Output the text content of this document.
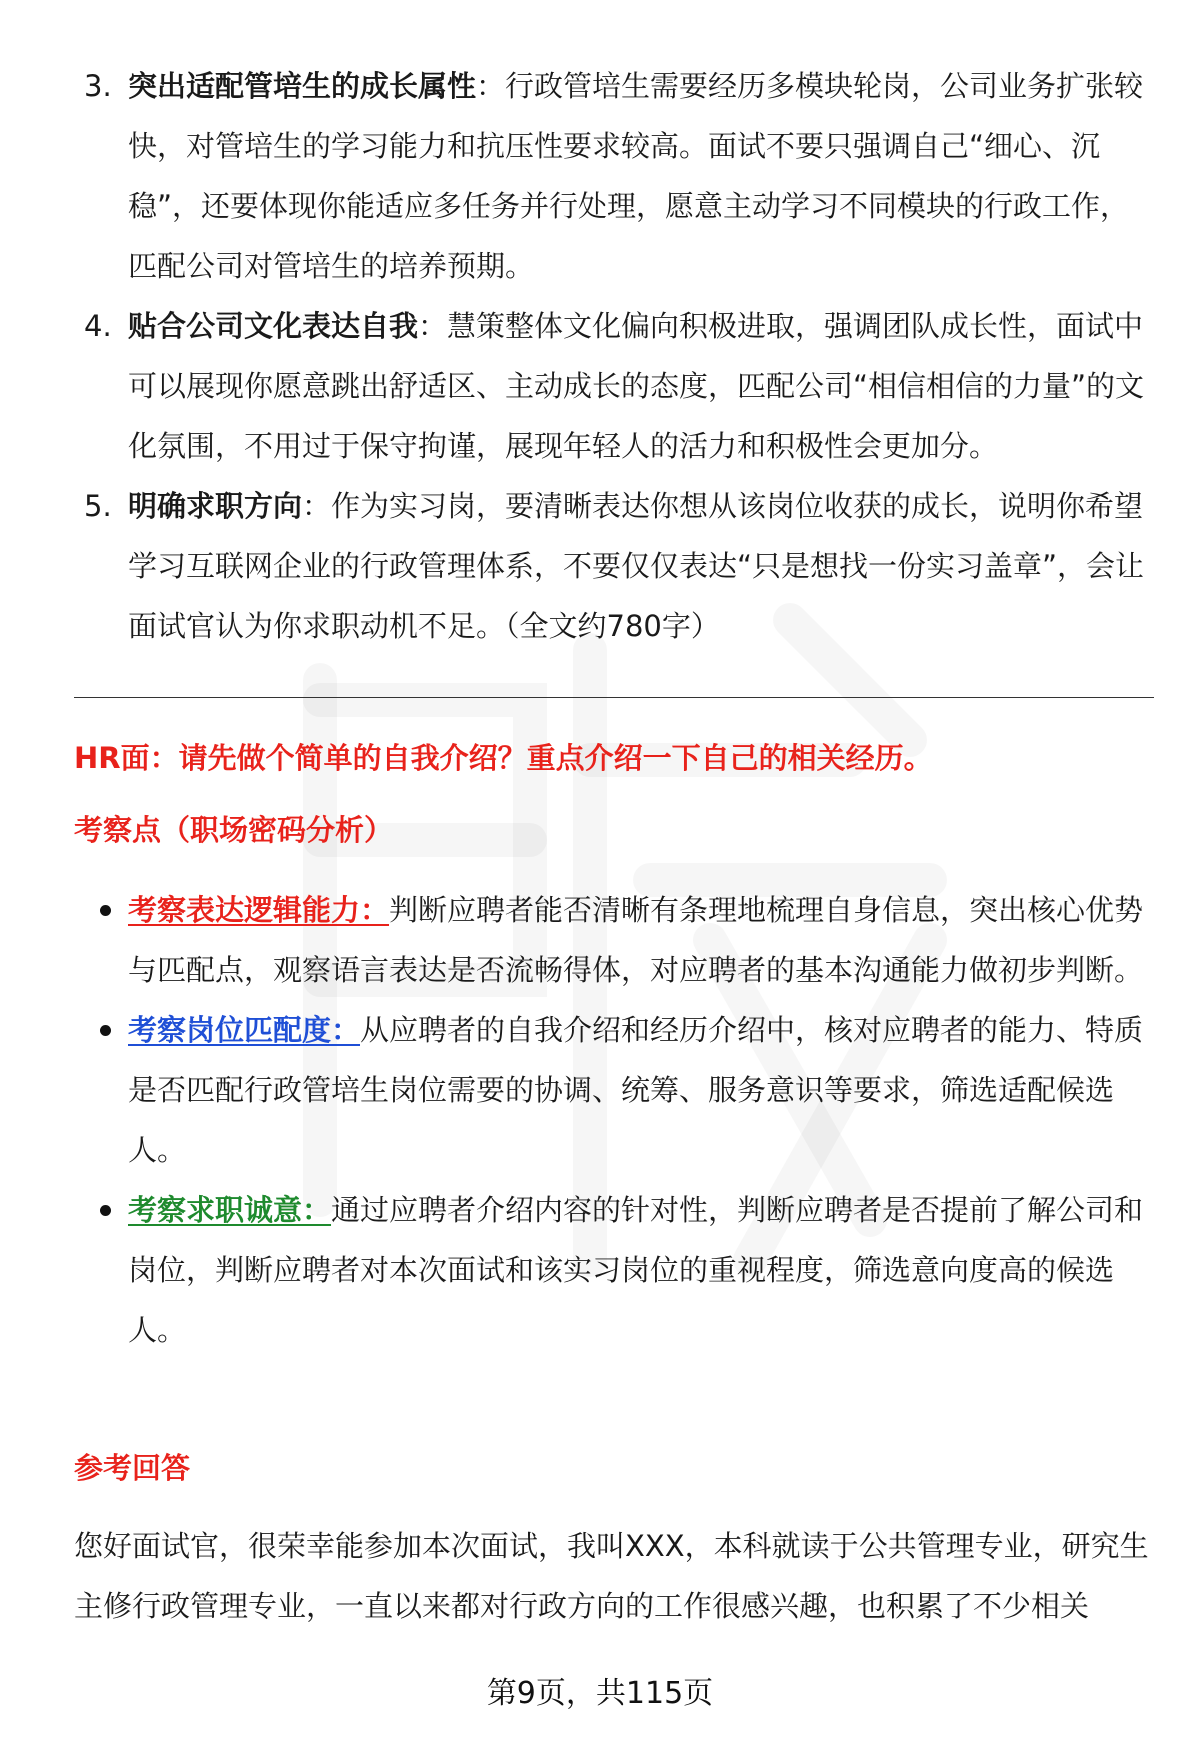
3. 突出适配管培生的成长属性：行政管培生需要经历多模块轮岗，公司业务扩张较快，对管培生的学习能力和抗压性要求较高。面试不要只强调自己“细心、沉稳”，还要体现你能适应多任务并行处理，愿意主动学习不同模块的行政工作，匹配公司对管培生的培养预期。
4. 贴合公司文化表达自我：慧策整体文化偏向积极进取，强调团队成长性，面试中可以展现你愿意跳出舒适区、主动成长的态度，匹配公司“相信相信的力量”的文化氛围，不用过于保守拘谨，展现年轻人的活力和积极性会更加分。
5. 明确求职方向：作为实习岗，要清晰表达你想从该岗位收获的成长，说明你希望学习互联网企业的行政管理体系，不要仅仅表达“只是想找一份实习盖章”，会让面试官认为你求职动机不足。（全文约780字）
HR面：请先做个简单的自我介绍？重点介绍一下自己的相关经历。
考察点（职场密码分析）
考察表达逻辑能力：判断应聘者能否清晰有条理地梳理自身信息，突出核心优势与匹配点，观察语言表达是否流畅得体，对应聘者的基本沟通能力做初步判断。
考察岗位匹配度：从应聘者的自我介绍和经历介绍中，核对应聘者的能力、特质是否匹配行政管培生岗位需要的协调、统筹、服务意识等要求，筛选适配候选人。
考察求职诚意：通过应聘者介绍内容的针对性，判断应聘者是否提前了解公司和岗位，判断应聘者对本次面试和该实习岗位的重视程度，筛选意向度高的候选人。
参考回答

您好面试官，很荣幸能参加本次面试，我叫XXX，本科就读于公共管理专业，研究生主修行政管理专业，一直以来都对行政方向的工作很感兴趣，也积累了不少相关

第9页，共115页
